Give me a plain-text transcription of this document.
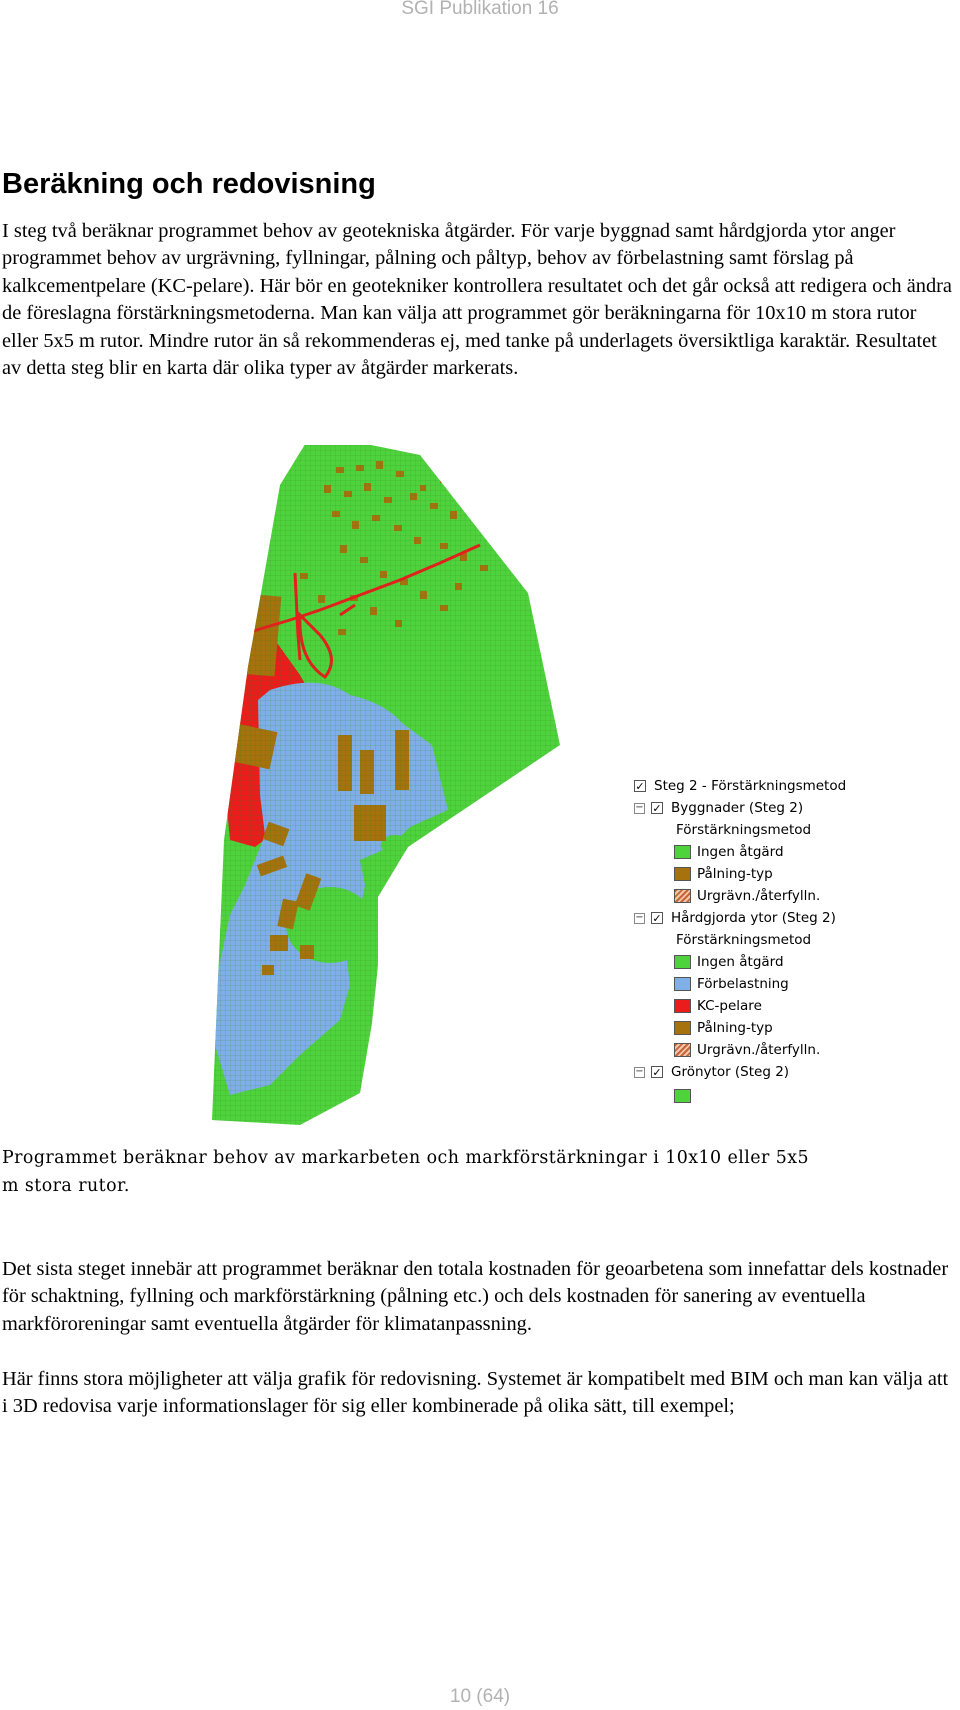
SGI Publikation 16
Beräkning och redovisning

I steg två beräknar programmet behov av geotekniska åtgärder. För varje byggnad samt hårdgjorda ytor anger programmet behov av urgrävning, fyllningar, pålning och påltyp, behov av förbelastning samt förslag på kalkcementpelare (KC-pelare). Här bör en geotekniker kontrollera resultatet och det går också att redigera och ändra de föreslagna förstärkningsmetoderna. Man kan välja att programmet gör beräkningarna för 10x10 m stora rutor eller 5x5 m rutor. Mindre rutor än så rekommenderas ej, med tanke på underlagets översiktliga karaktär. Resultatet av detta steg blir en karta där olika typer av åtgärder markerats.

✓ Steg 2 - Förstärkningsmetod
− ✓ Byggnader (Steg 2)
Förstärkningsmetod
Ingen åtgärd
Pålning-typ
Urgrävn./återfylln.
− ✓ Hårdgjorda ytor (Steg 2)
Förstärkningsmetod
Ingen åtgärd
Förbelastning
KC-pelare
Pålning-typ
Urgrävn./återfylln.
− ✓ Grönytor (Steg 2)

Programmet beräknar behov av markarbeten och markförstärkningar i 10x10 eller 5x5 m stora rutor.

Det sista steget innebär att programmet beräknar den totala kostnaden för geoarbetena som innefattar dels kostnader för schaktning, fyllning och markförstärkning (pålning etc.) och dels kostnaden för sanering av eventuella markföroreningar samt eventuella åtgärder för klimatanpassning.

Här finns stora möjligheter att välja grafik för redovisning. Systemet är kompatibelt med BIM och man kan välja att i 3D redovisa varje informationslager för sig eller kombinerade på olika sätt, till exempel;

10 (64)
